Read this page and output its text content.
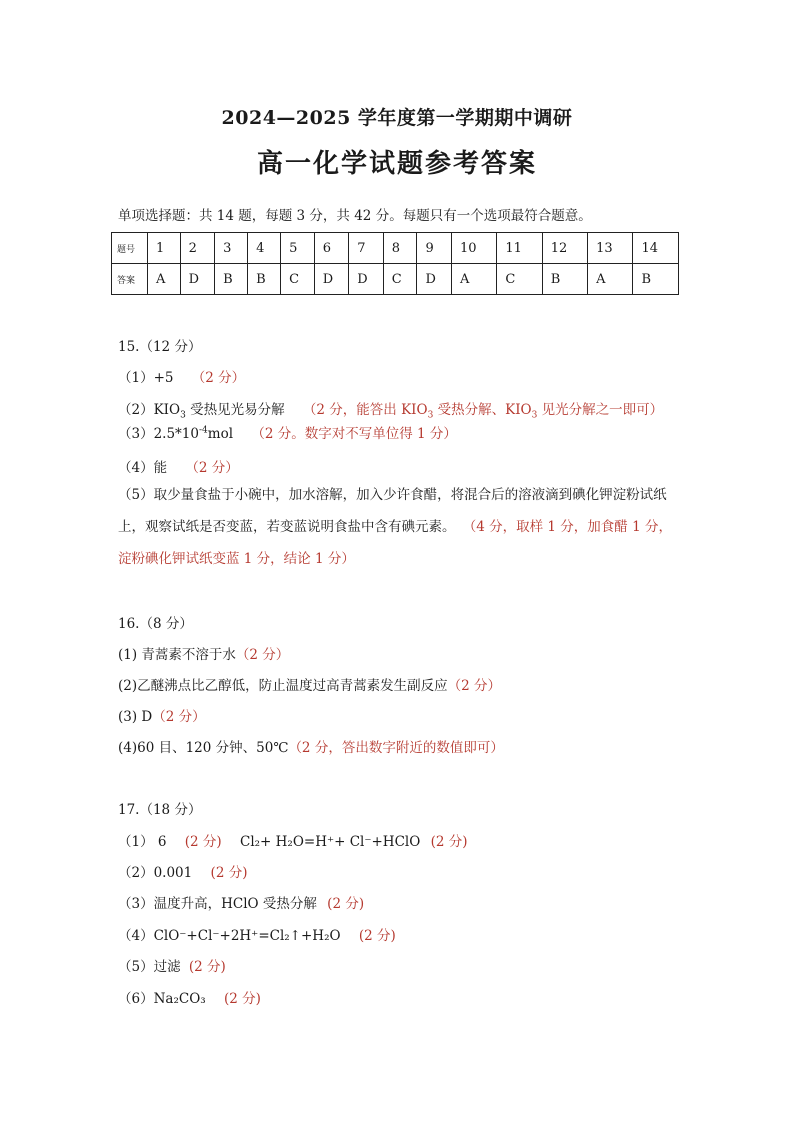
2024—2025 学年度第一学期期中调研
高一化学试题参考答案
单项选择题：共 14 题，每题 3 分，共 42 分。每题只有一个选项最符合题意。
题号	1	2	3	4	5	6	7	8	9	10	11	12	13	14
答案	A	D	B	B	C	D	D	C	D	A	C	B	A	B
15.（12 分）
（1）+5 （2 分）
$(2)KIO_3$ 受热见光易分解 （2 分，能答出 $KIO_3$ 受热分解、$KIO_3$ 见光分解之一即可）
$(3)2.5*10^{-4}mol$ （2 分。数字对不写单位得 1 分）
（4）能 （2 分）
（5）取少量食盐于小碗中，加水溶解，加入少许食醋，将混合后的溶液滴到碘化钾淀粉试纸上，观察试纸是否变蓝，若变蓝说明食盐中含有碘元素。 （4 分，取样 1 分，加食醋 1 分，淀粉碘化钾试纸变蓝 1 分，结论 1 分）
16.（8 分）
(1) 青蒿素不溶于水（2 分）
(2)乙醚沸点比乙醇低，防止温度过高青蒿素发生副反应（2 分）
(3) D（2 分）
(4)60 目、120 分钟、50℃（2 分，答出数字附近的数值即可）
17.（18 分）
（1） 6 (2 分) Cl₂+ H₂O=H⁺+ Cl⁻+HClO (2 分)
（2）0.001 (2 分)
（3）温度升高，HClO 受热分解 (2 分)
（4）ClO⁻+Cl⁻+2H⁺=Cl₂↑+H₂O (2 分)
（5）过滤 (2 分)
（6）Na₂CO₃ (2 分)
